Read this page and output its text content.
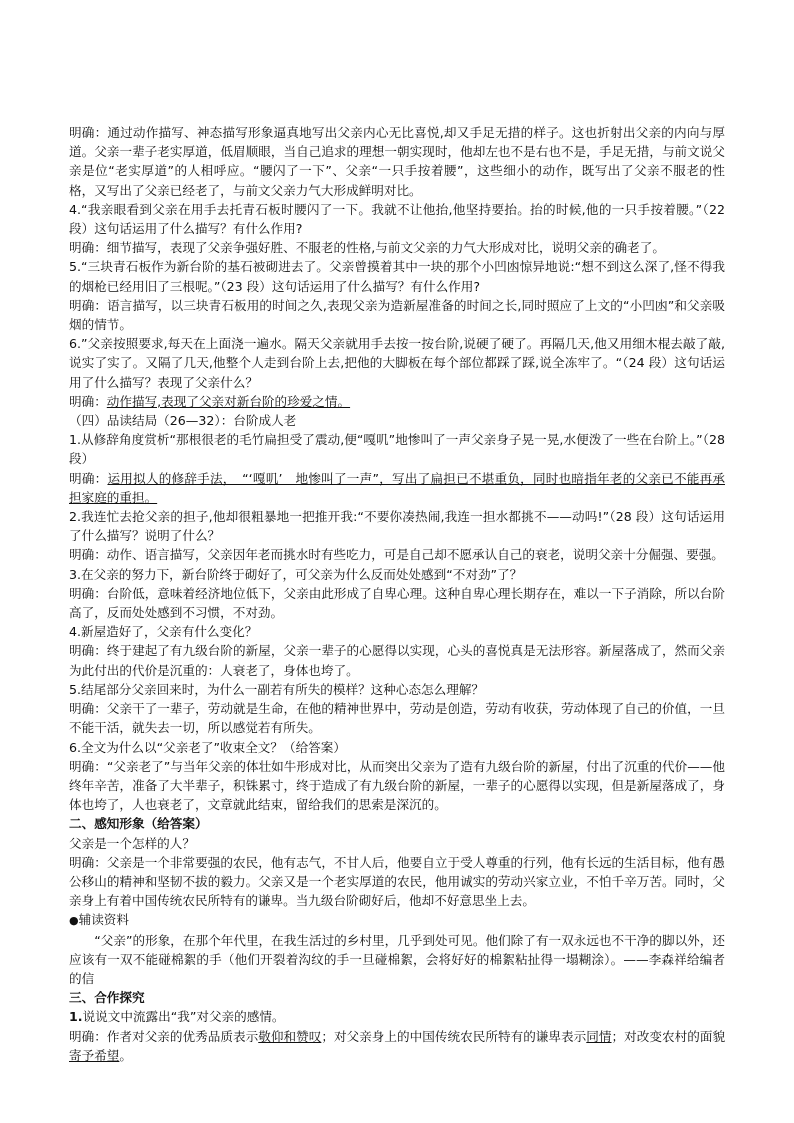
明确：通过动作描写、神态描写形象逼真地写出父亲内心无比喜悦,却又手足无措的样子。这也折射出父亲的内向与厚道。父亲一辈子老实厚道，低眉顺眼，当自己追求的理想一朝实现时，他却左也不是右也不是，手足无措，与前文说父亲是位“老实厚道”的人相呼应。“腰闪了一下”、父亲“一只手按着腰”，这些细小的动作，既写出了父亲不服老的性格，又写出了父亲已经老了，与前文父亲力气大形成鲜明对比。

4.“我亲眼看到父亲在用手去托青石板时腰闪了一下。我就不让他抬,他坚持要抬。抬的时候,他的一只手按着腰。”（22 段）这句话运用了什么描写？有什么作用?

明确：细节描写，表现了父亲争强好胜、不服老的性格,与前文父亲的力气大形成对比，说明父亲的确老了。

5.“三块青石板作为新台阶的基石被砌进去了。父亲曾摸着其中一块的那个小凹凼惊异地说:“想不到这么深了,怪不得我的烟枪已经用旧了三根呢。”（23 段）这句话运用了什么描写？有什么作用?

明确：语言描写，以三块青石板用的时间之久,表现父亲为造新屋准备的时间之长,同时照应了上文的“小凹凼”和父亲吸烟的情节。

6.”父亲按照要求,每天在上面浇一遍水。隔天父亲就用手去按一按台阶,说硬了硬了。再隔几天,他又用细木棍去敲了敲,说实了实了。又隔了几天,他整个人走到台阶上去,把他的大脚板在每个部位都踩了踩,说全冻牢了。“（24 段）这句话运用了什么描写？表现了父亲什么？

明确：动作描写,表现了父亲对新台阶的珍爱之情。

（四）品读结局（26—32）：台阶成人老

1.从修辞角度赏析“那根很老的毛竹扁担受了震动,便“嘎叽”地惨叫了一声父亲身子晃一晃,水便泼了一些在台阶上。”（28 段）

明确：运用拟人的修辞手法，　“‘嘎叽’　地惨叫了一声”，写出了扁担已不堪重负，同时也暗指年老的父亲已不能再承担家庭的重担。

2.我连忙去抢父亲的担子,他却很粗暴地一把推开我:“不要你凑热闹,我连一担水都挑不——动吗!”（28 段）这句话运用了什么描写？说明了什么？

明确：动作、语言描写，父亲因年老而挑水时有些吃力，可是自己却不愿承认自己的衰老，说明父亲十分倔强、要强。

3.在父亲的努力下，新台阶终于砌好了，可父亲为什么反而处处感到“不对劲”了？

明确：台阶低，意味着经济地位低下，父亲由此形成了自卑心理。这种自卑心理长期存在，难以一下子消除，所以台阶高了，反而处处感到不习惯，不对劲。

4.新屋造好了，父亲有什么变化？

明确：终于建起了有九级台阶的新屋，父亲一辈子的心愿得以实现，心头的喜悦真是无法形容。新屋落成了，然而父亲为此付出的代价是沉重的：人衰老了，身体也垮了。

5.结尾部分父亲回来时，为什么一副若有所失的模样？这种心态怎么理解？

明确：父亲干了一辈子，劳动就是生命，在他的精神世界中，劳动是创造，劳动有收获，劳动体现了自己的价值，一旦不能干活，就失去一切，所以感觉若有所失。

6.全文为什么以“父亲老了”收束全文？（给答案）

明确：“父亲老了”与当年父亲的体壮如牛形成对比，从而突出父亲为了造有九级台阶的新屋，付出了沉重的代价——他终年辛苦，准备了大半辈子，积铢累寸，终于造成了有九级台阶的新屋，一辈子的心愿得以实现，但是新屋落成了，身体也垮了，人也衰老了，文章就此结束，留给我们的思索是深沉的。

二、感知形象（给答案）

父亲是一个怎样的人？

明确：父亲是一个非常要强的农民，他有志气，不甘人后，他要自立于受人尊重的行列，他有长远的生活目标，他有愚公移山的精神和坚韧不拔的毅力。父亲又是一个老实厚道的农民，他用诚实的劳动兴家立业，不怕千辛万苦。同时，父亲身上有着中国传统农民所特有的谦卑。当九级台阶砌好后，他却不好意思坐上去。

●辅读资料

“父亲”的形象，在那个年代里，在我生活过的乡村里，几乎到处可见。他们除了有一双永远也不干净的脚以外，还应该有一双不能碰棉絮的手（他们开裂着沟纹的手一旦碰棉絮，会将好好的棉絮粘扯得一塌糊涂）。——李森祥给编者的信

三、合作探究

1.说说文中流露出“我”对父亲的感情。

明确：作者对父亲的优秀品质表示敬仰和赞叹；对父亲身上的中国传统农民所特有的谦卑表示同情；对改变农村的面貌寄予希望。
